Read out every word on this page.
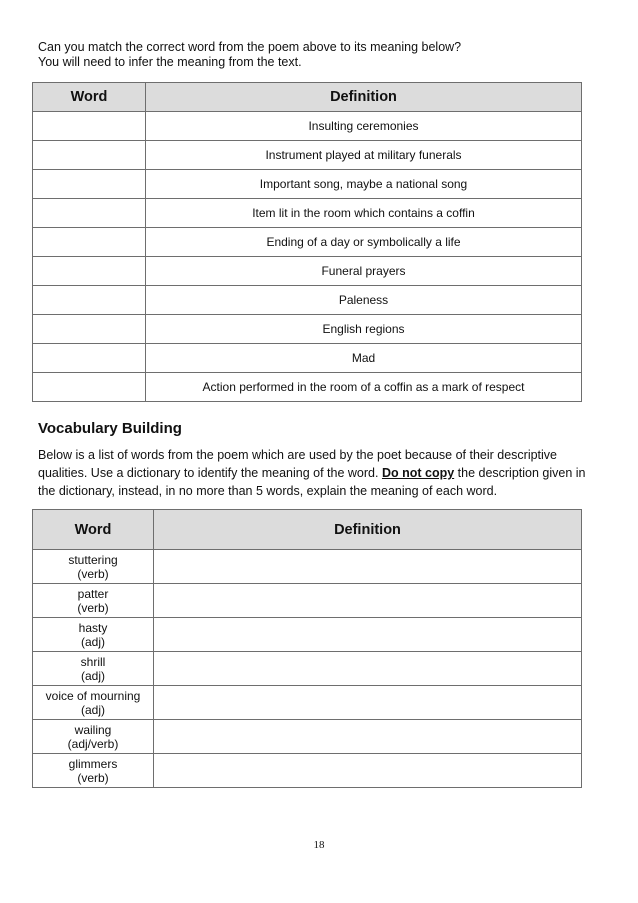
Can you match the correct word from the poem above to its meaning below?
You will need to infer the meaning from the text.
Word	Definition
	Insulting ceremonies
	Instrument played at military funerals
	Important song, maybe a national song
	Item lit in the room which contains a coffin
	Ending of a day or symbolically a life
	Funeral prayers
	Paleness
	English regions
	Mad
	Action performed in the room of a coffin as a mark of respect
Vocabulary Building
Below is a list of words from the poem which are used by the poet because of their descriptive qualities. Use a dictionary to identify the meaning of the word. Do not copy the description given in the dictionary, instead, in no more than 5 words, explain the meaning of each word.
Word	Definition

stuttering
(verb)	

patter
(verb)	

hasty
(adj)	

shrill
(adj)	

voice of mourning
(adj)	

wailing
(adj/verb)	

glimmers
(verb)	

18
